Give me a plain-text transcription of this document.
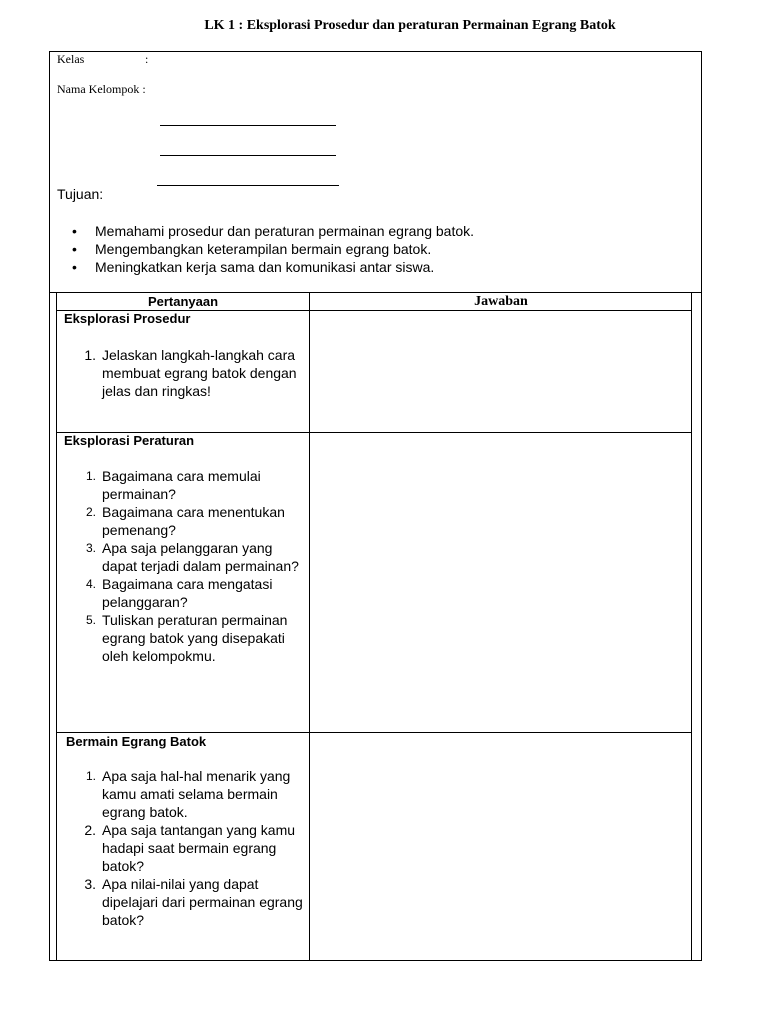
LK 1 : Eksplorasi Prosedur dan peraturan Permainan Egrang Batok
Kelas	:
Nama Kelompok :
Tujuan:
• Memahami prosedur dan peraturan permainan egrang batok.
• Mengembangkan keterampilan bermain egrang batok.
• Meningkatkan kerja sama dan komunikasi antar siswa.
Pertanyaan	Jawaban
Eksplorasi Prosedur
1. Jelaskan langkah-langkah cara membuat egrang batok dengan jelas dan ringkas!
Eksplorasi Peraturan
1. Bagaimana cara memulai permainan?
2. Bagaimana cara menentukan pemenang?
3. Apa saja pelanggaran yang dapat terjadi dalam permainan?
4. Bagaimana cara mengatasi pelanggaran?
5. Tuliskan peraturan permainan egrang batok yang disepakati oleh kelompokmu.
Bermain Egrang Batok
1. Apa saja hal-hal menarik yang kamu amati selama bermain egrang batok.
2. Apa saja tantangan yang kamu hadapi saat bermain egrang batok?
3. Apa nilai-nilai yang dapat dipelajari dari permainan egrang batok?
